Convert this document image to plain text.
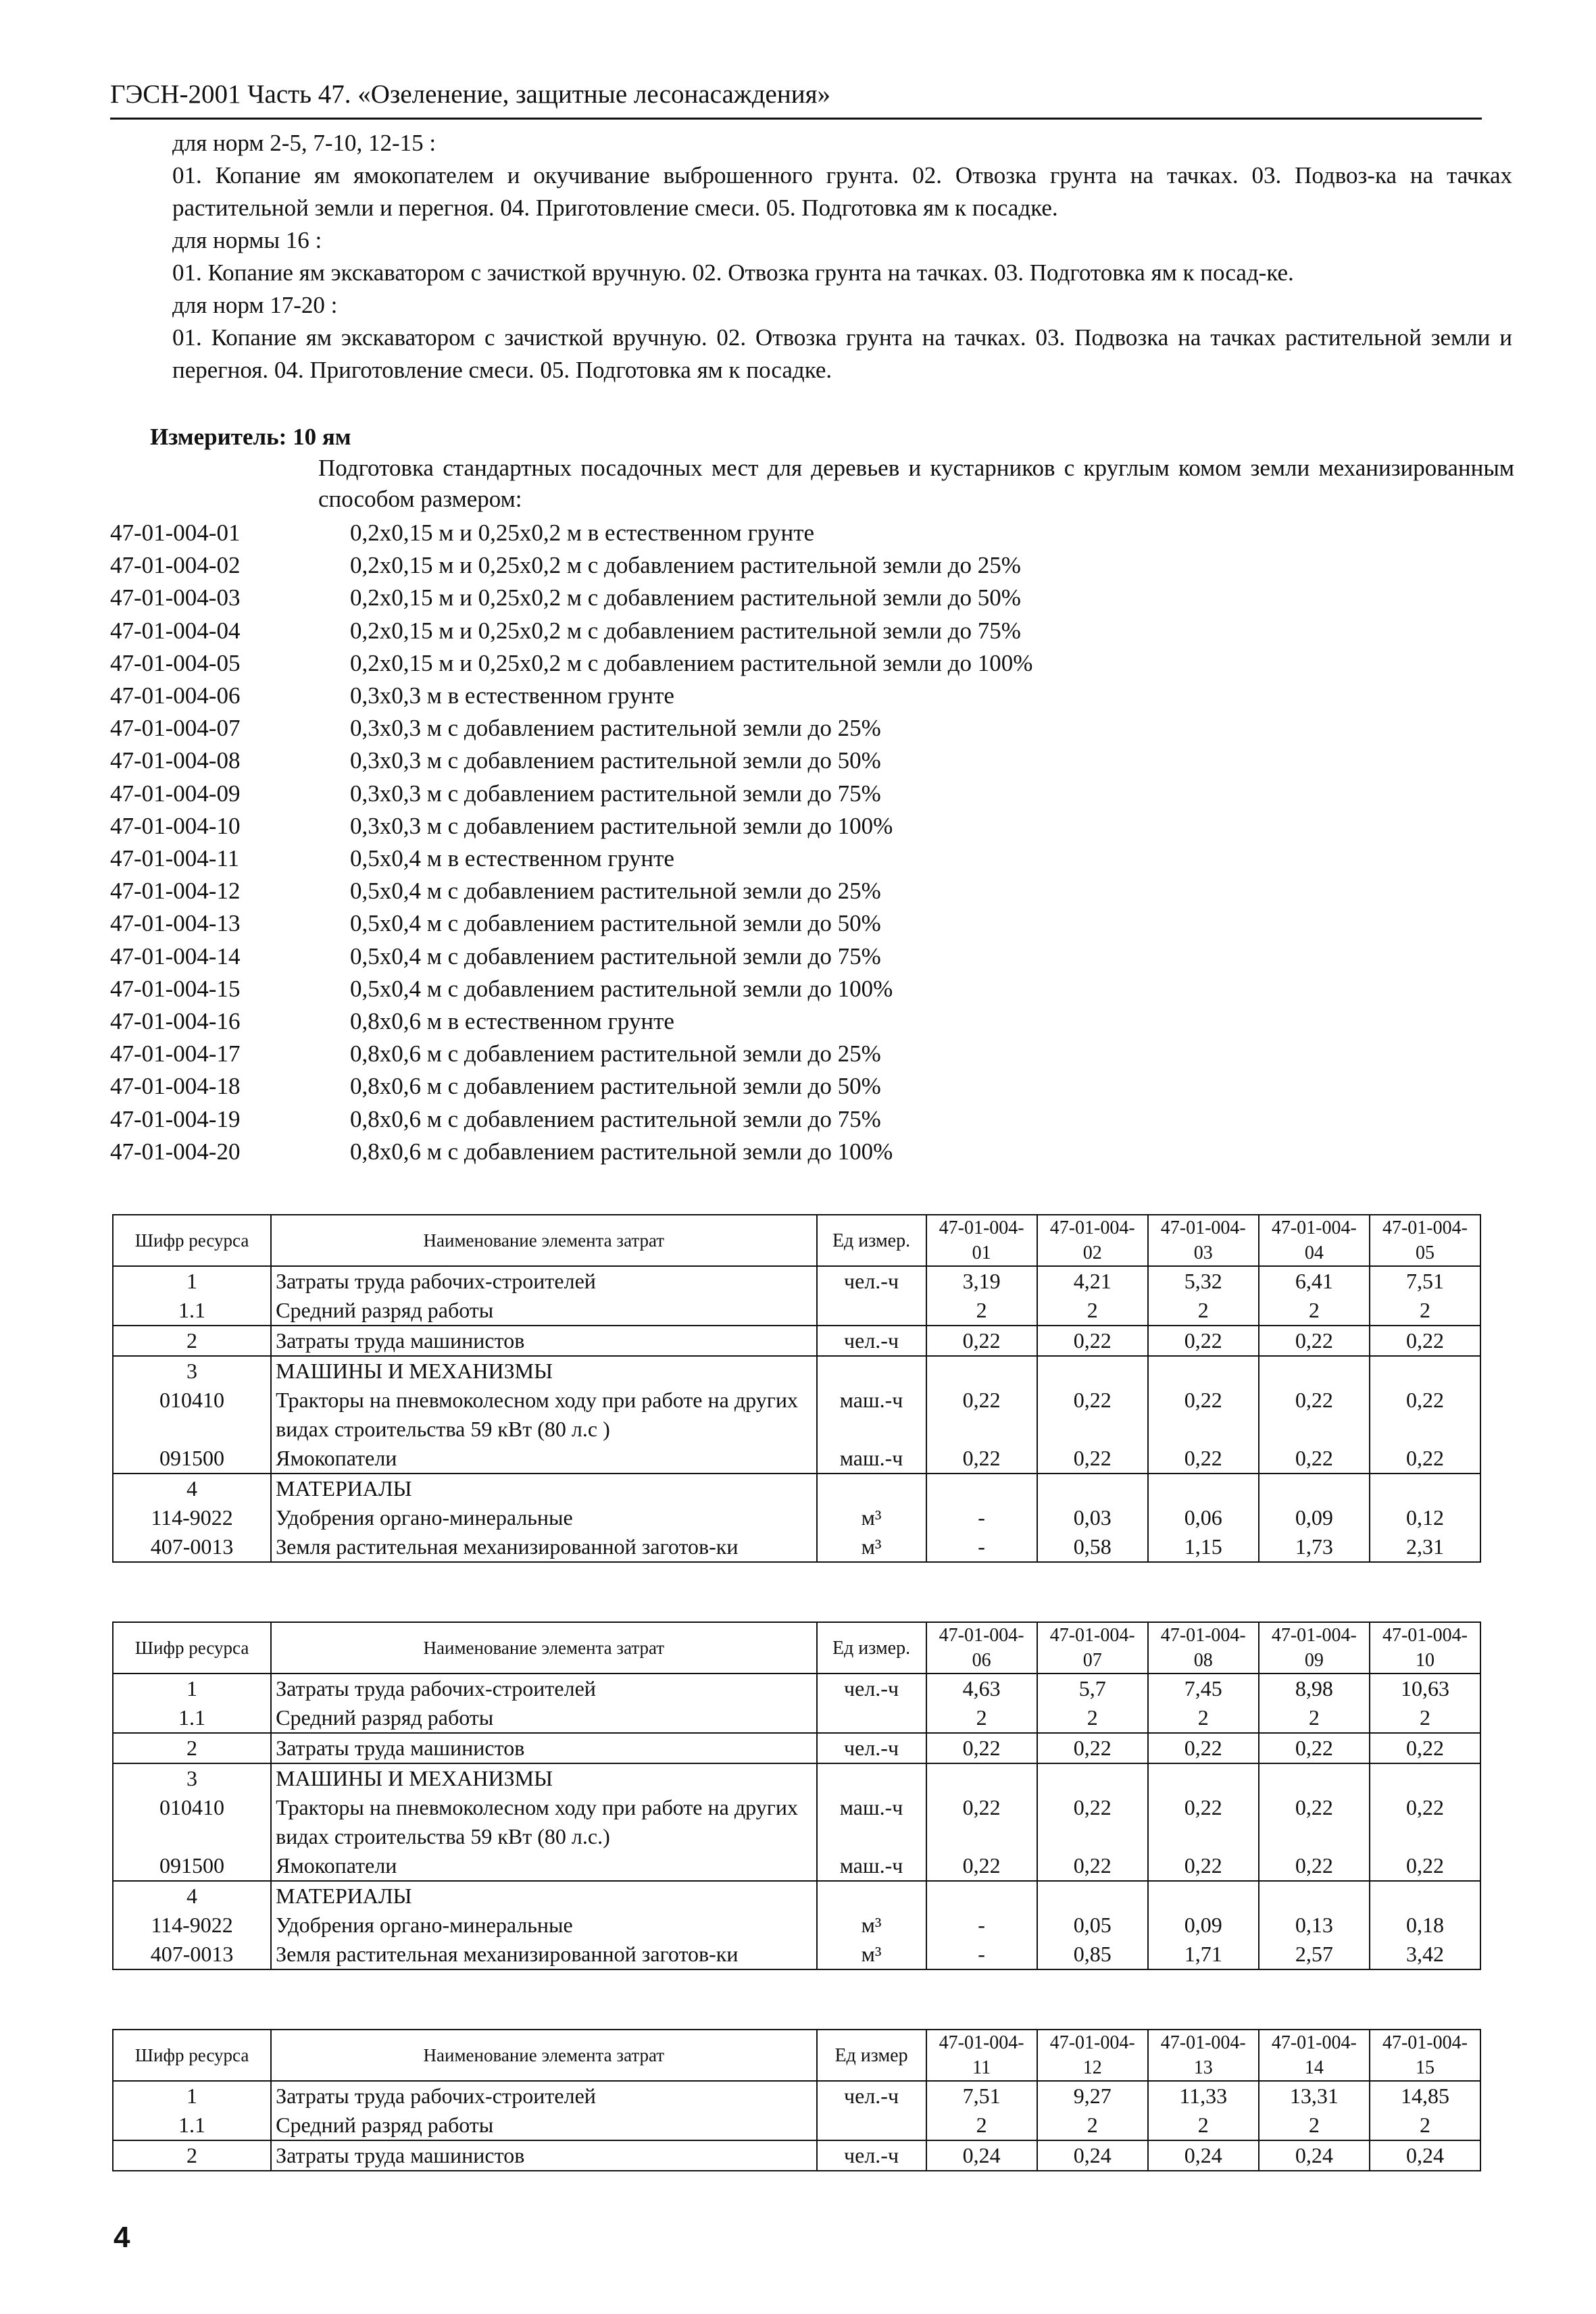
ГЭСН-2001 Часть 47. «Озеленение, защитные лесонасаждения»

для норм 2-5, 7-10, 12-15 :

01. Копание ям ямокопателем и окучивание выброшенного грунта. 02. Отвозка грунта на тачках. 03. Подвоз-ка на тачках растительной земли и перегноя. 04. Приготовление смеси. 05. Подготовка ям к посадке.

для нормы 16 :

01. Копание ям экскаватором с зачисткой вручную. 02. Отвозка грунта на тачках. 03. Подготовка ям к посад-ке.

для норм 17-20 :

01. Копание ям экскаватором с зачисткой вручную. 02. Отвозка грунта на тачках. 03. Подвозка на тачках растительной земли и перегноя. 04. Приготовление смеси. 05. Подготовка ям к посадке.

Измеритель: 10 ям
Подготовка стандартных посадочных мест для деревьев и кустарников с круглым комом земли механизированным способом размером:
47-01-004-01	0,2x0,15 м и 0,25x0,2 м в естественном грунте
47-01-004-02	0,2x0,15 м и 0,25x0,2 м с добавлением растительной земли до 25%
47-01-004-03	0,2x0,15 м и 0,25x0,2 м с добавлением растительной земли до 50%
47-01-004-04	0,2x0,15 м и 0,25x0,2 м с добавлением растительной земли до 75%
47-01-004-05	0,2x0,15 м и 0,25x0,2 м с добавлением растительной земли до 100%
47-01-004-06	0,3x0,3 м в естественном грунте
47-01-004-07	0,3x0,3 м с добавлением растительной земли до 25%
47-01-004-08	0,3x0,3 м с добавлением растительной земли до 50%
47-01-004-09	0,3x0,3 м с добавлением растительной земли до 75%
47-01-004-10	0,3x0,3 м с добавлением растительной земли до 100%
47-01-004-11	0,5x0,4 м в естественном грунте
47-01-004-12	0,5x0,4 м с добавлением растительной земли до 25%
47-01-004-13	0,5x0,4 м с добавлением растительной земли до 50%
47-01-004-14	0,5x0,4 м с добавлением растительной земли до 75%
47-01-004-15	0,5x0,4 м с добавлением растительной земли до 100%
47-01-004-16	0,8x0,6 м в естественном грунте
47-01-004-17	0,8x0,6 м с добавлением растительной земли до 25%
47-01-004-18	0,8x0,6 м с добавлением растительной земли до 50%
47-01-004-19	0,8x0,6 м с добавлением растительной земли до 75%
47-01-004-20	0,8x0,6 м с добавлением растительной земли до 100%
Шифр ресурса	Наименование элемента затрат	Ед измер.	47-01-004-01	47-01-004-02	47-01-004-03	47-01-004-04	47-01-004-05
1	Затраты труда рабочих-строителей	чел.-ч	3,19	4,21	5,32	6,41	7,51
1.1	Средний разряд работы		2	2	2	2	2
2	Затраты труда машинистов	чел.-ч	0,22	0,22	0,22	0,22	0,22
3	МАШИНЫ И МЕХАНИЗМЫ						
010410	Тракторы на пневмоколесном ходу при работе на других видах строительства 59 кВт (80 л.с )	маш.-ч	0,22	0,22	0,22	0,22	0,22
091500	Ямокопатели	маш.-ч	0,22	0,22	0,22	0,22	0,22
4	МАТЕРИАЛЫ						
114-9022	Удобрения органо-минеральные	м³	-	0,03	0,06	0,09	0,12
407-0013	Земля растительная механизированной заготов-ки	м³	-	0,58	1,15	1,73	2,31
Шифр ресурса	Наименование элемента затрат	Ед измер.	47-01-004-06	47-01-004-07	47-01-004-08	47-01-004-09	47-01-004-10
1	Затраты труда рабочих-строителей	чел.-ч	4,63	5,7	7,45	8,98	10,63
1.1	Средний разряд работы		2	2	2	2	2
2	Затраты труда машинистов	чел.-ч	0,22	0,22	0,22	0,22	0,22
3	МАШИНЫ И МЕХАНИЗМЫ						
010410	Тракторы на пневмоколесном ходу при работе на других видах строительства 59 кВт (80 л.с.)	маш.-ч	0,22	0,22	0,22	0,22	0,22
091500	Ямокопатели	маш.-ч	0,22	0,22	0,22	0,22	0,22
4	МАТЕРИАЛЫ						
114-9022	Удобрения органо-минеральные	м³	-	0,05	0,09	0,13	0,18
407-0013	Земля растительная механизированной заготов-ки	м³	-	0,85	1,71	2,57	3,42
Шифр ресурса	Наименование элемента затрат	Ед измер	47-01-004-11	47-01-004-12	47-01-004-13	47-01-004-14	47-01-004-15
1	Затраты труда рабочих-строителей	чел.-ч	7,51	9,27	11,33	13,31	14,85
1.1	Средний разряд работы		2	2	2	2	2
2	Затраты труда машинистов	чел.-ч	0,24	0,24	0,24	0,24	0,24
4
